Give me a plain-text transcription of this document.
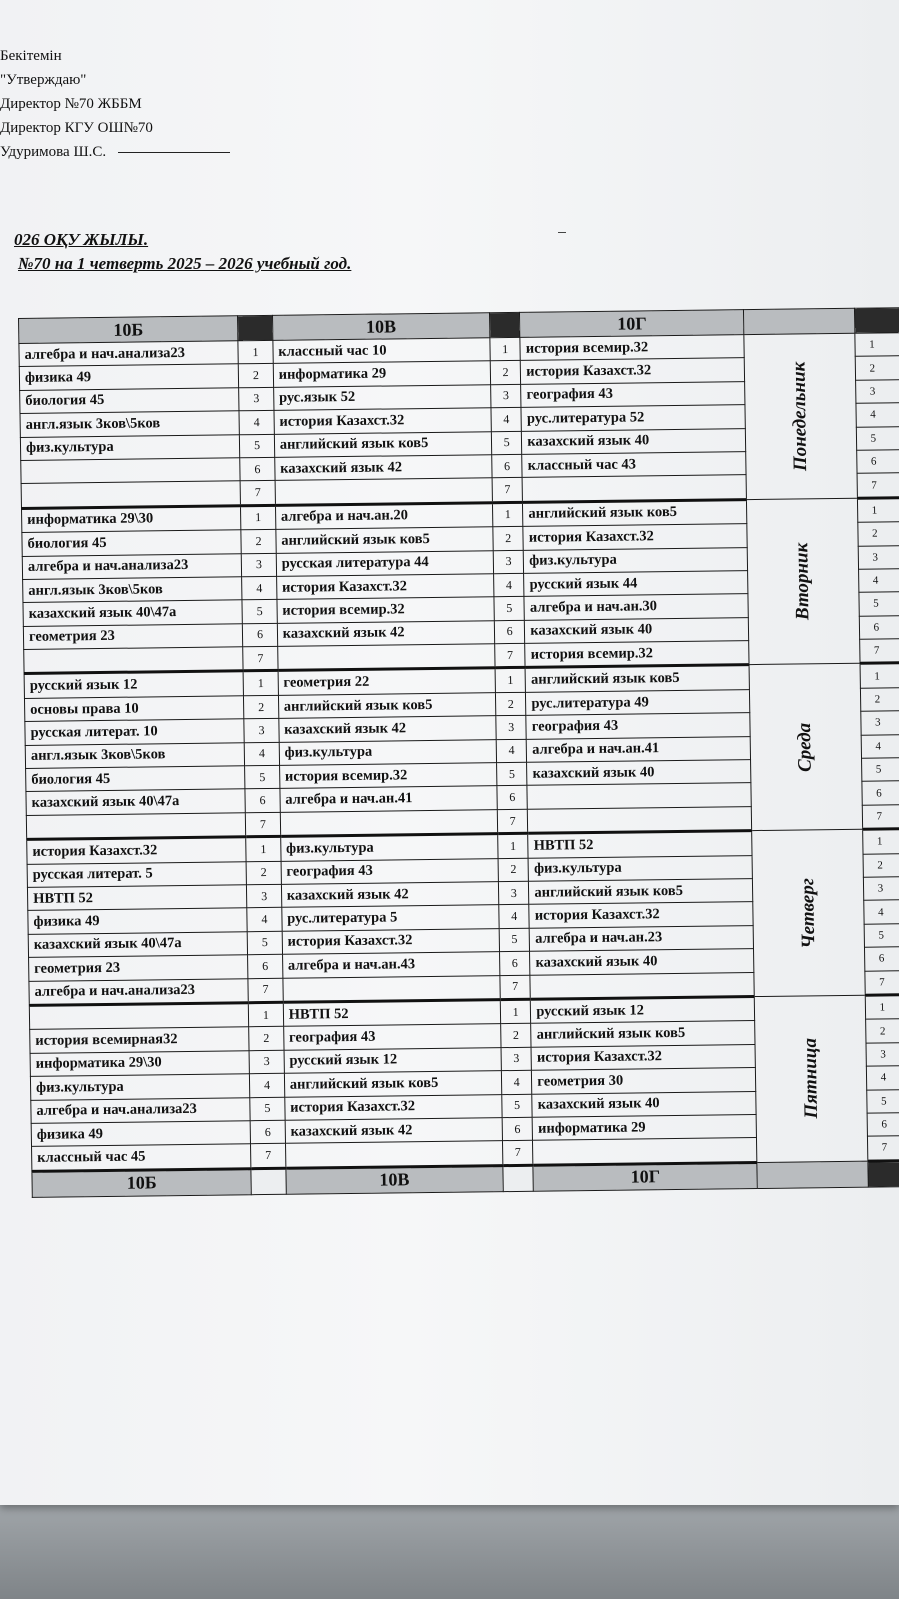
Бекітемін
"Утверждаю"
Директор №70 ЖББМ
Директор КГУ ОШ№70
Удуримова Ш.С.
026 ОҚУ ЖЫЛЫ.
№70 на 1 четверть 2025 – 2026 учебный год.
10Б		10В		10Г		
алгебра и нач.анализа23	1	классный час 10	1	история всемир.32	Понедельник	1
физика 49	2	информатика 29	2	история Казахст.32		2
биология 45	3	рус.язык 52	3	география 43		3
англ.язык 3ков\5ков	4	история Казахст.32	4	рус.литература 52		4
физ.культура	5	английский язык ков5	5	казахский язык 40		5
	6	казахский язык 42	6	классный час 43		6
	7		7			7
информатика 29\30	1	алгебра и нач.ан.20	1	английский язык ков5	Вторник	1
биология 45	2	английский язык ков5	2	история Казахст.32		2
алгебра и нач.анализа23	3	русская литература 44	3	физ.культура		3
англ.язык 3ков\5ков	4	история Казахст.32	4	русский язык 44		4
казахский язык 40\47а	5	история всемир.32	5	алгебра и нач.ан.30		5
геометрия 23	6	казахский язык 42	6	казахский язык 40		6
	7		7	история всемир.32		7
русский язык 12	1	геометрия 22	1	английский язык ков5	Среда	1
основы права 10	2	английский язык ков5	2	рус.литература 49		2
русская литерат. 10	3	казахский язык 42	3	география 43		3
англ.язык 3ков\5ков	4	физ.культура	4	алгебра и нач.ан.41		4
биология 45	5	история всемир.32	5	казахский язык 40		5
казахский язык 40\47а	6	алгебра и нач.ан.41	6			6
	7		7			7
история Казахст.32	1	физ.культура	1	НВТП 52	Четверг	1
русская литерат. 5	2	география 43	2	физ.культура		2
НВТП 52	3	казахский язык 42	3	английский язык ков5		3
физика 49	4	рус.литература 5	4	история Казахст.32		4
казахский язык 40\47а	5	история Казахст.32	5	алгебра и нач.ан.23		5
геометрия 23	6	алгебра и нач.ан.43	6	казахский язык 40		6
алгебра и нач.анализа23	7		7			7
	1	НВТП 52	1	русский язык 12	Пятница	1
история всемирная32	2	география 43	2	английский язык ков5		2
информатика 29\30	3	русский язык 12	3	история Казахст.32		3
физ.культура	4	английский язык ков5	4	геометрия 30		4
алгебра и нач.анализа23	5	история Казахст.32	5	казахский язык 40		5
физика 49	6	казахский язык 42	6	информатика 29		6
классный час 45	7		7			7
10Б		10В		10Г		
